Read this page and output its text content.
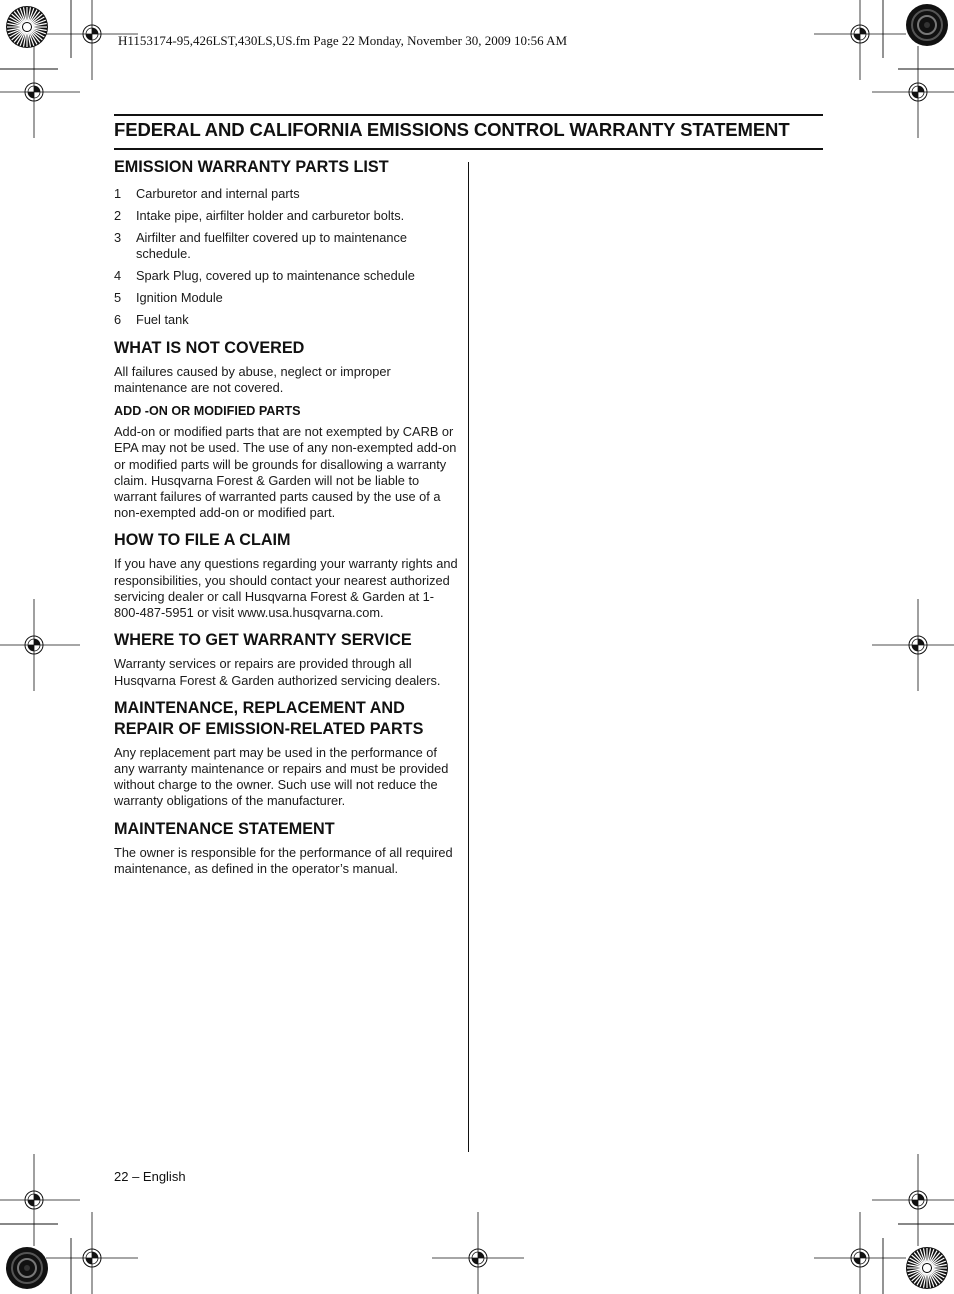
H1153174-95,426LST,430LS,US.fm Page 22 Monday, November 30, 2009 10:56 AM
FEDERAL AND CALIFORNIA EMISSIONS CONTROL WARRANTY STATEMENT
EMISSION WARRANTY PARTS LIST
1	Carburetor and internal parts
2	Intake pipe, airfilter holder and carburetor bolts.
3	Airfilter and fuelfilter covered up to maintenance schedule.
4	Spark Plug, covered up to maintenance schedule
5	Ignition Module
6	Fuel tank
WHAT IS NOT COVERED

All failures caused by abuse, neglect or improper maintenance are not covered.

ADD -ON OR MODIFIED PARTS

Add-on or modified parts that are not exempted by CARB or EPA may not be used. The use of any non-exempted add-on or modified parts will be grounds for disallowing a warranty claim. Husqvarna Forest & Garden will not be liable to warrant failures of warranted parts caused by the use of a non-exempted add-on or modified part.

HOW TO FILE A CLAIM

If you have any questions regarding your warranty rights and responsibilities, you should contact your nearest authorized servicing dealer or call Husqvarna Forest & Garden at 1-800-487-5951 or visit www.usa.husqvarna.com.

WHERE TO GET WARRANTY SERVICE

Warranty services or repairs are provided through all Husqvarna Forest & Garden authorized servicing dealers.

MAINTENANCE, REPLACEMENT AND REPAIR OF EMISSION-RELATED PARTS

Any replacement part may be used in the performance of any warranty maintenance or repairs and must be provided without charge to the owner. Such use will not reduce the warranty obligations of the manufacturer.

MAINTENANCE STATEMENT

The owner is responsible for the performance of all required maintenance, as defined in the operator’s manual.

22 – English
